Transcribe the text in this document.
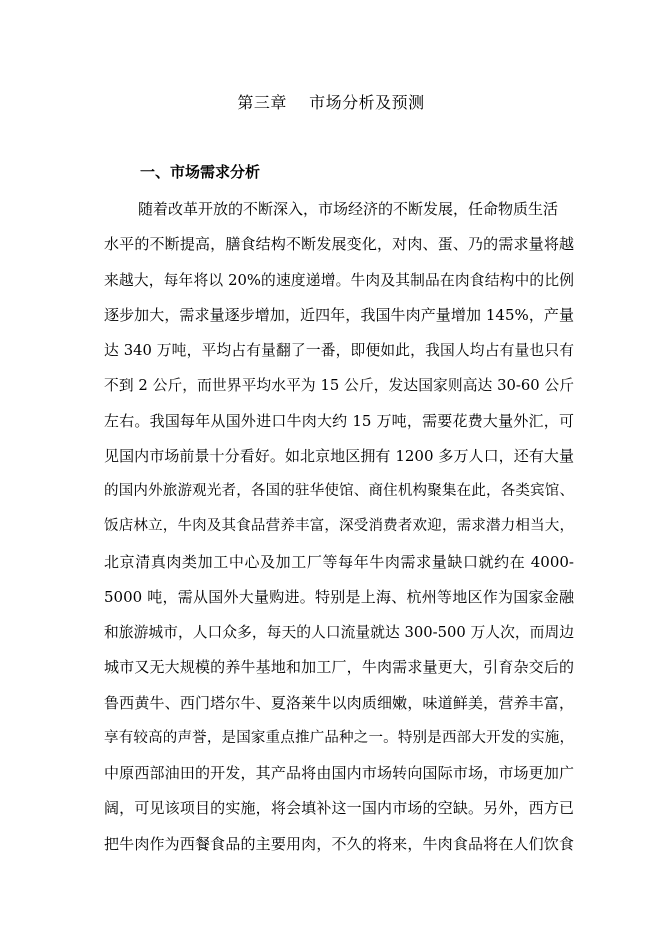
第三章    市场分析及预测
一、市场需求分析
随着改革开放的不断深入，市场经济的不断发展，任命物质生活
水平的不断提高，膳食结构不断发展变化，对肉、蛋、乃的需求量将越
来越大，每年将以 20%的速度递增。牛肉及其制品在肉食结构中的比例
逐步加大，需求量逐步增加，近四年，我国牛肉产量增加 145%，产量
达 340 万吨，平均占有量翻了一番，即便如此，我国人均占有量也只有
不到 2 公斤，而世界平均水平为 15 公斤，发达国家则高达 30-60 公斤
左右。我国每年从国外进口牛肉大约 15 万吨，需要花费大量外汇，可
见国内市场前景十分看好。如北京地区拥有 1200 多万人口，还有大量
的国内外旅游观光者，各国的驻华使馆、商住机构聚集在此，各类宾馆、
饭店林立，牛肉及其食品营养丰富，深受消费者欢迎，需求潜力相当大，
北京清真肉类加工中心及加工厂等每年牛肉需求量缺口就约在 4000-
5000 吨，需从国外大量购进。特别是上海、杭州等地区作为国家金融
和旅游城市，人口众多，每天的人口流量就达 300-500 万人次，而周边
城市又无大规模的养牛基地和加工厂，牛肉需求量更大，引育杂交后的
鲁西黄牛、西门塔尔牛、夏洛莱牛以肉质细嫩，味道鲜美，营养丰富，
享有较高的声誉，是国家重点推广品种之一。特别是西部大开发的实施，
中原西部油田的开发，其产品将由国内市场转向国际市场，市场更加广
阔，可见该项目的实施，将会填补这一国内市场的空缺。另外，西方已
把牛肉作为西餐食品的主要用肉，不久的将来，牛肉食品将在人们饮食
